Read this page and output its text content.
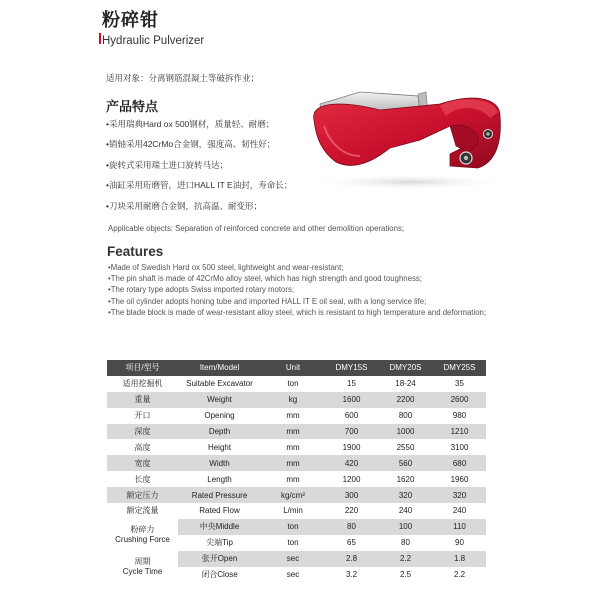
粉碎钳
Hydraulic Pulverizer
适用对象：分离钢筋混凝土等破拆作业；
产品特点
•采用瑞典Hard ox 500钢材，质量轻、耐磨；
•销轴采用42CrMo合金钢，强度高、韧性好；
•旋转式采用瑞士进口旋转马达；
•油缸采用珩磨管，进口HALL IT E油封，寿命长；
•刀块采用耐磨合金钢，抗高温、耐变形；
Applicable objects: Separation of reinforced concrete and other demolition operations;
Features
•Made of Swedish Hard ox 500 steel, lightweight and wear-resistant;
•The pin shaft is made of 42CrMo alloy steel, which has high strength and good toughness;
•The rotary type adopts Swiss imported rotary motors;
•The oil cylinder adopts honing tube and imported HALL IT E oil seal, with a long service life;
•The blade block is made of wear-resistant alloy steel, which is resistant to high temperature and deformation;
项目/型号	Item/Model	Unit	DMY15S	DMY20S	DMY25S
适用挖掘机	Suitable Excavator	ton	15	18-24	35
重量	Weight	kg	1600	2200	2600
开口	Opening	mm	600	800	980
深度	Depth	mm	700	1000	1210
高度	Height	mm	1900	2550	3100
宽度	Width	mm	420	560	680
长度	Length	mm	1200	1620	1960
额定压力	Rated Pressure	kg/cm²	300	320	320
额定流量	Rated Flow	L/min	220	240	240
粉碎力
Crushing Force	中央Middle	ton	80	100	110
	尖端Tip	ton	65	80	90
周期
Cycle Time	张开Open	sec	2.8	2.2	1.8
	闭合Close	sec	3.2	2.5	2.2
